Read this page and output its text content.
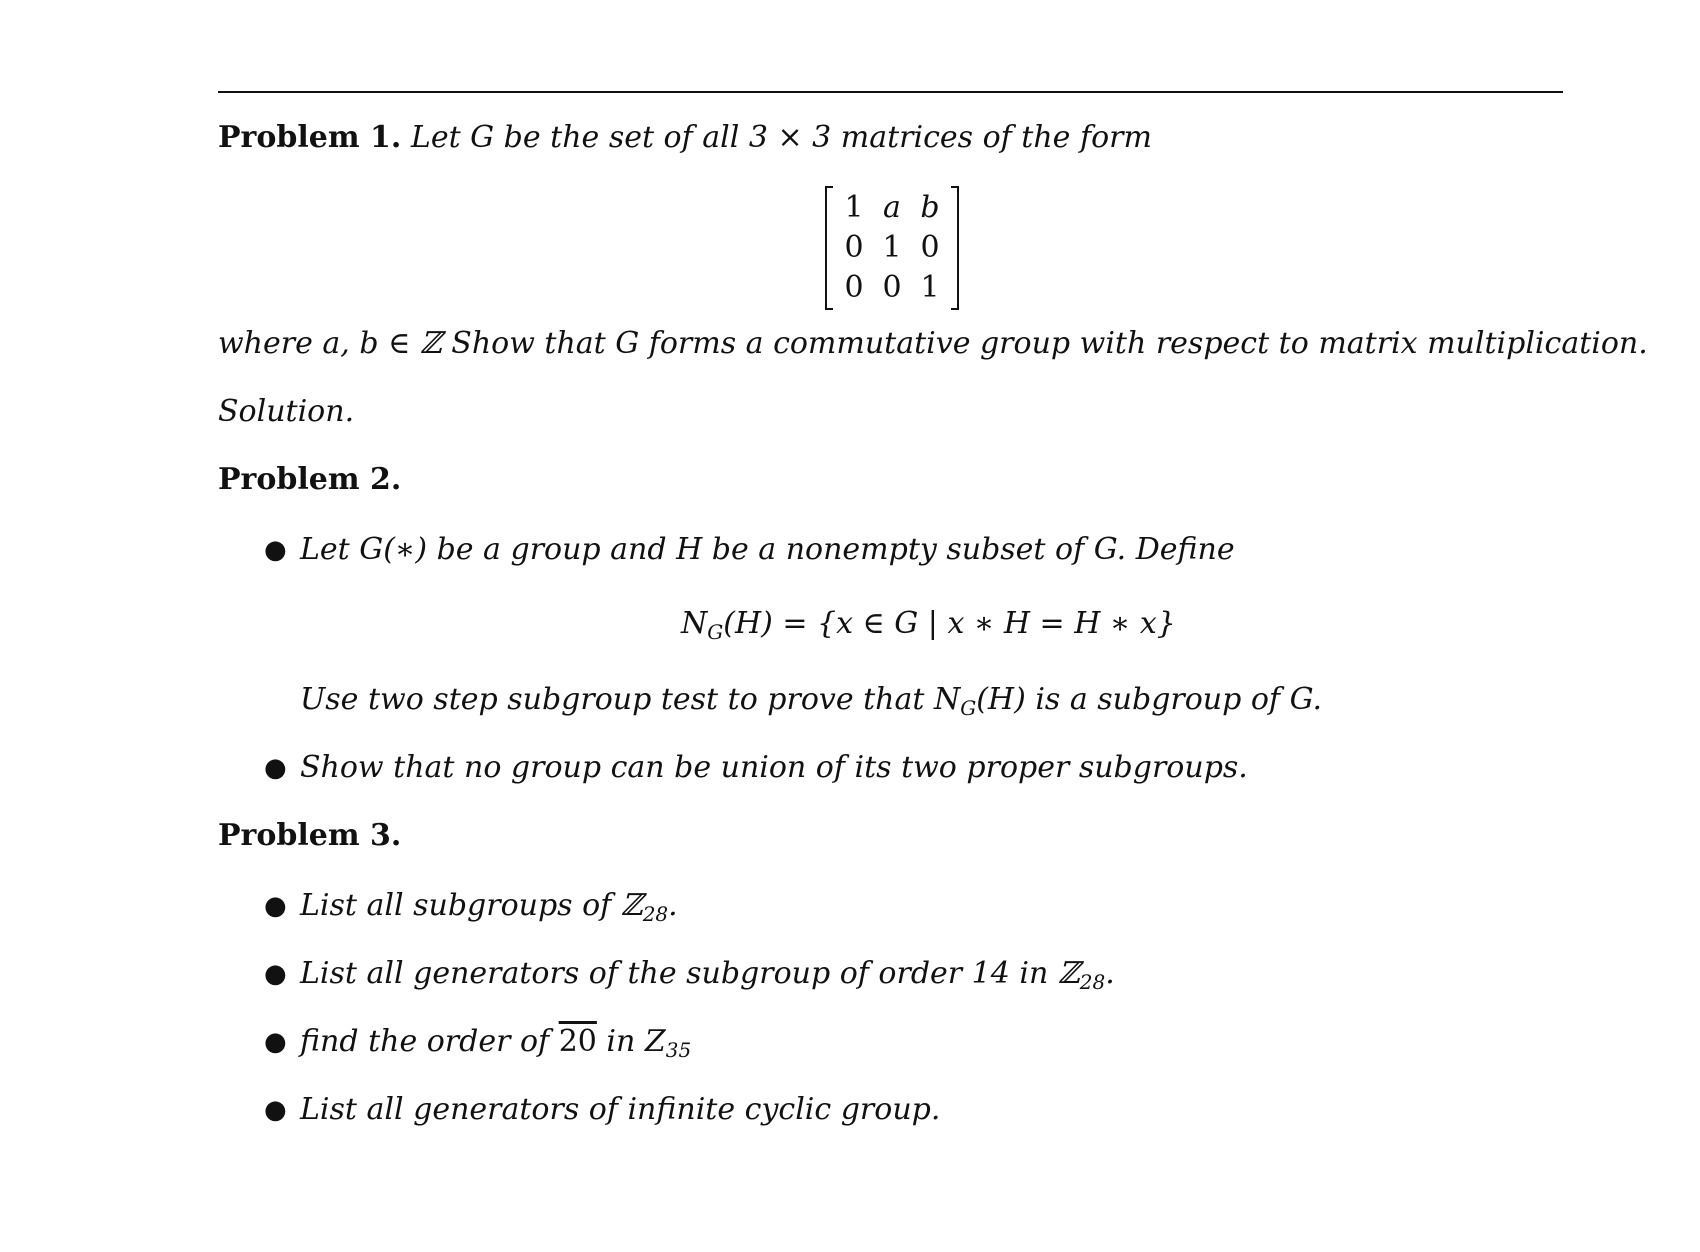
Problem 1. Let G be the set of all 3 × 3 matrices of the form
1 a b
0 1 0
0 0 1
where a, b ∈ ℤ Show that G forms a commutative group with respect to matrix multiplication.
Solution.
Problem 2.
● Let G(∗) be a group and H be a nonempty subset of G. Define
$N_G(H) = \{x$ ∈ G | x ∗ H = H ∗ x}
Use two step subgroup test to prove that $N_G(H)$ is a subgroup of G.
● Show that no group can be union of its two proper subgroups.
Problem 3.
● List all subgroups of ℤ$_{28}$.
● List all generators of the subgroup of order 14 in ℤ$_{28}$.
● find the order of 20 in $Z_{35}$
● List all generators of infinite cyclic group.
